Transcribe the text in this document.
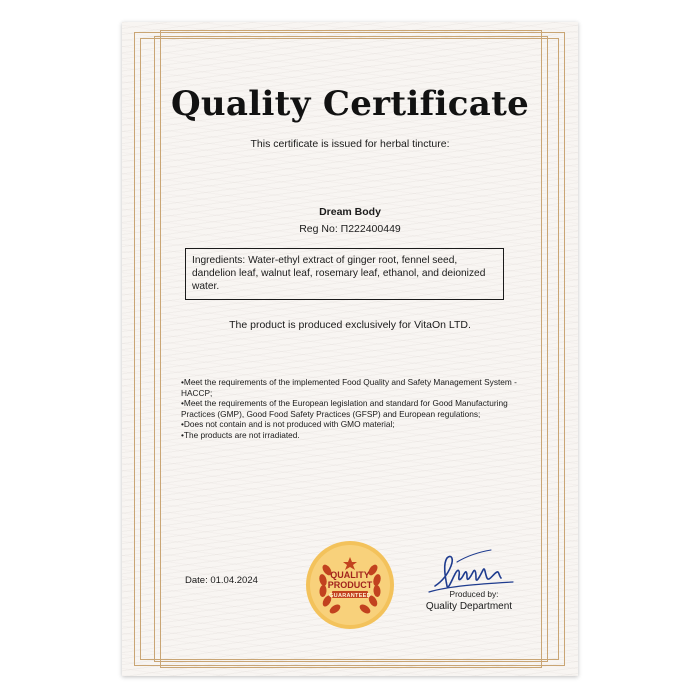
Quality Certificate
This certificate is issued for herbal tincture:
Dream Body
Reg No: П222400449
Ingredients: Water-ethyl extract of ginger root, fennel seed, dandelion leaf, walnut leaf, rosemary leaf, ethanol, and deionized water.
The product is produced exclusively for VitaOn LTD.
• Meet the requirements of the implemented Food Quality and Safety Management System - HACCP;
• Meet the requirements of the European legislation and standard for Good Manufacturing Practices (GMP), Good Food Safety Practices (GFSP) and European regulations;
• Does not contain and is not produced with GMO material;
• The products are not irradiated.
Date: 01.04.2024	QUALITY
PRODUCT
GUARANTEED	Produced by:
Quality Department
